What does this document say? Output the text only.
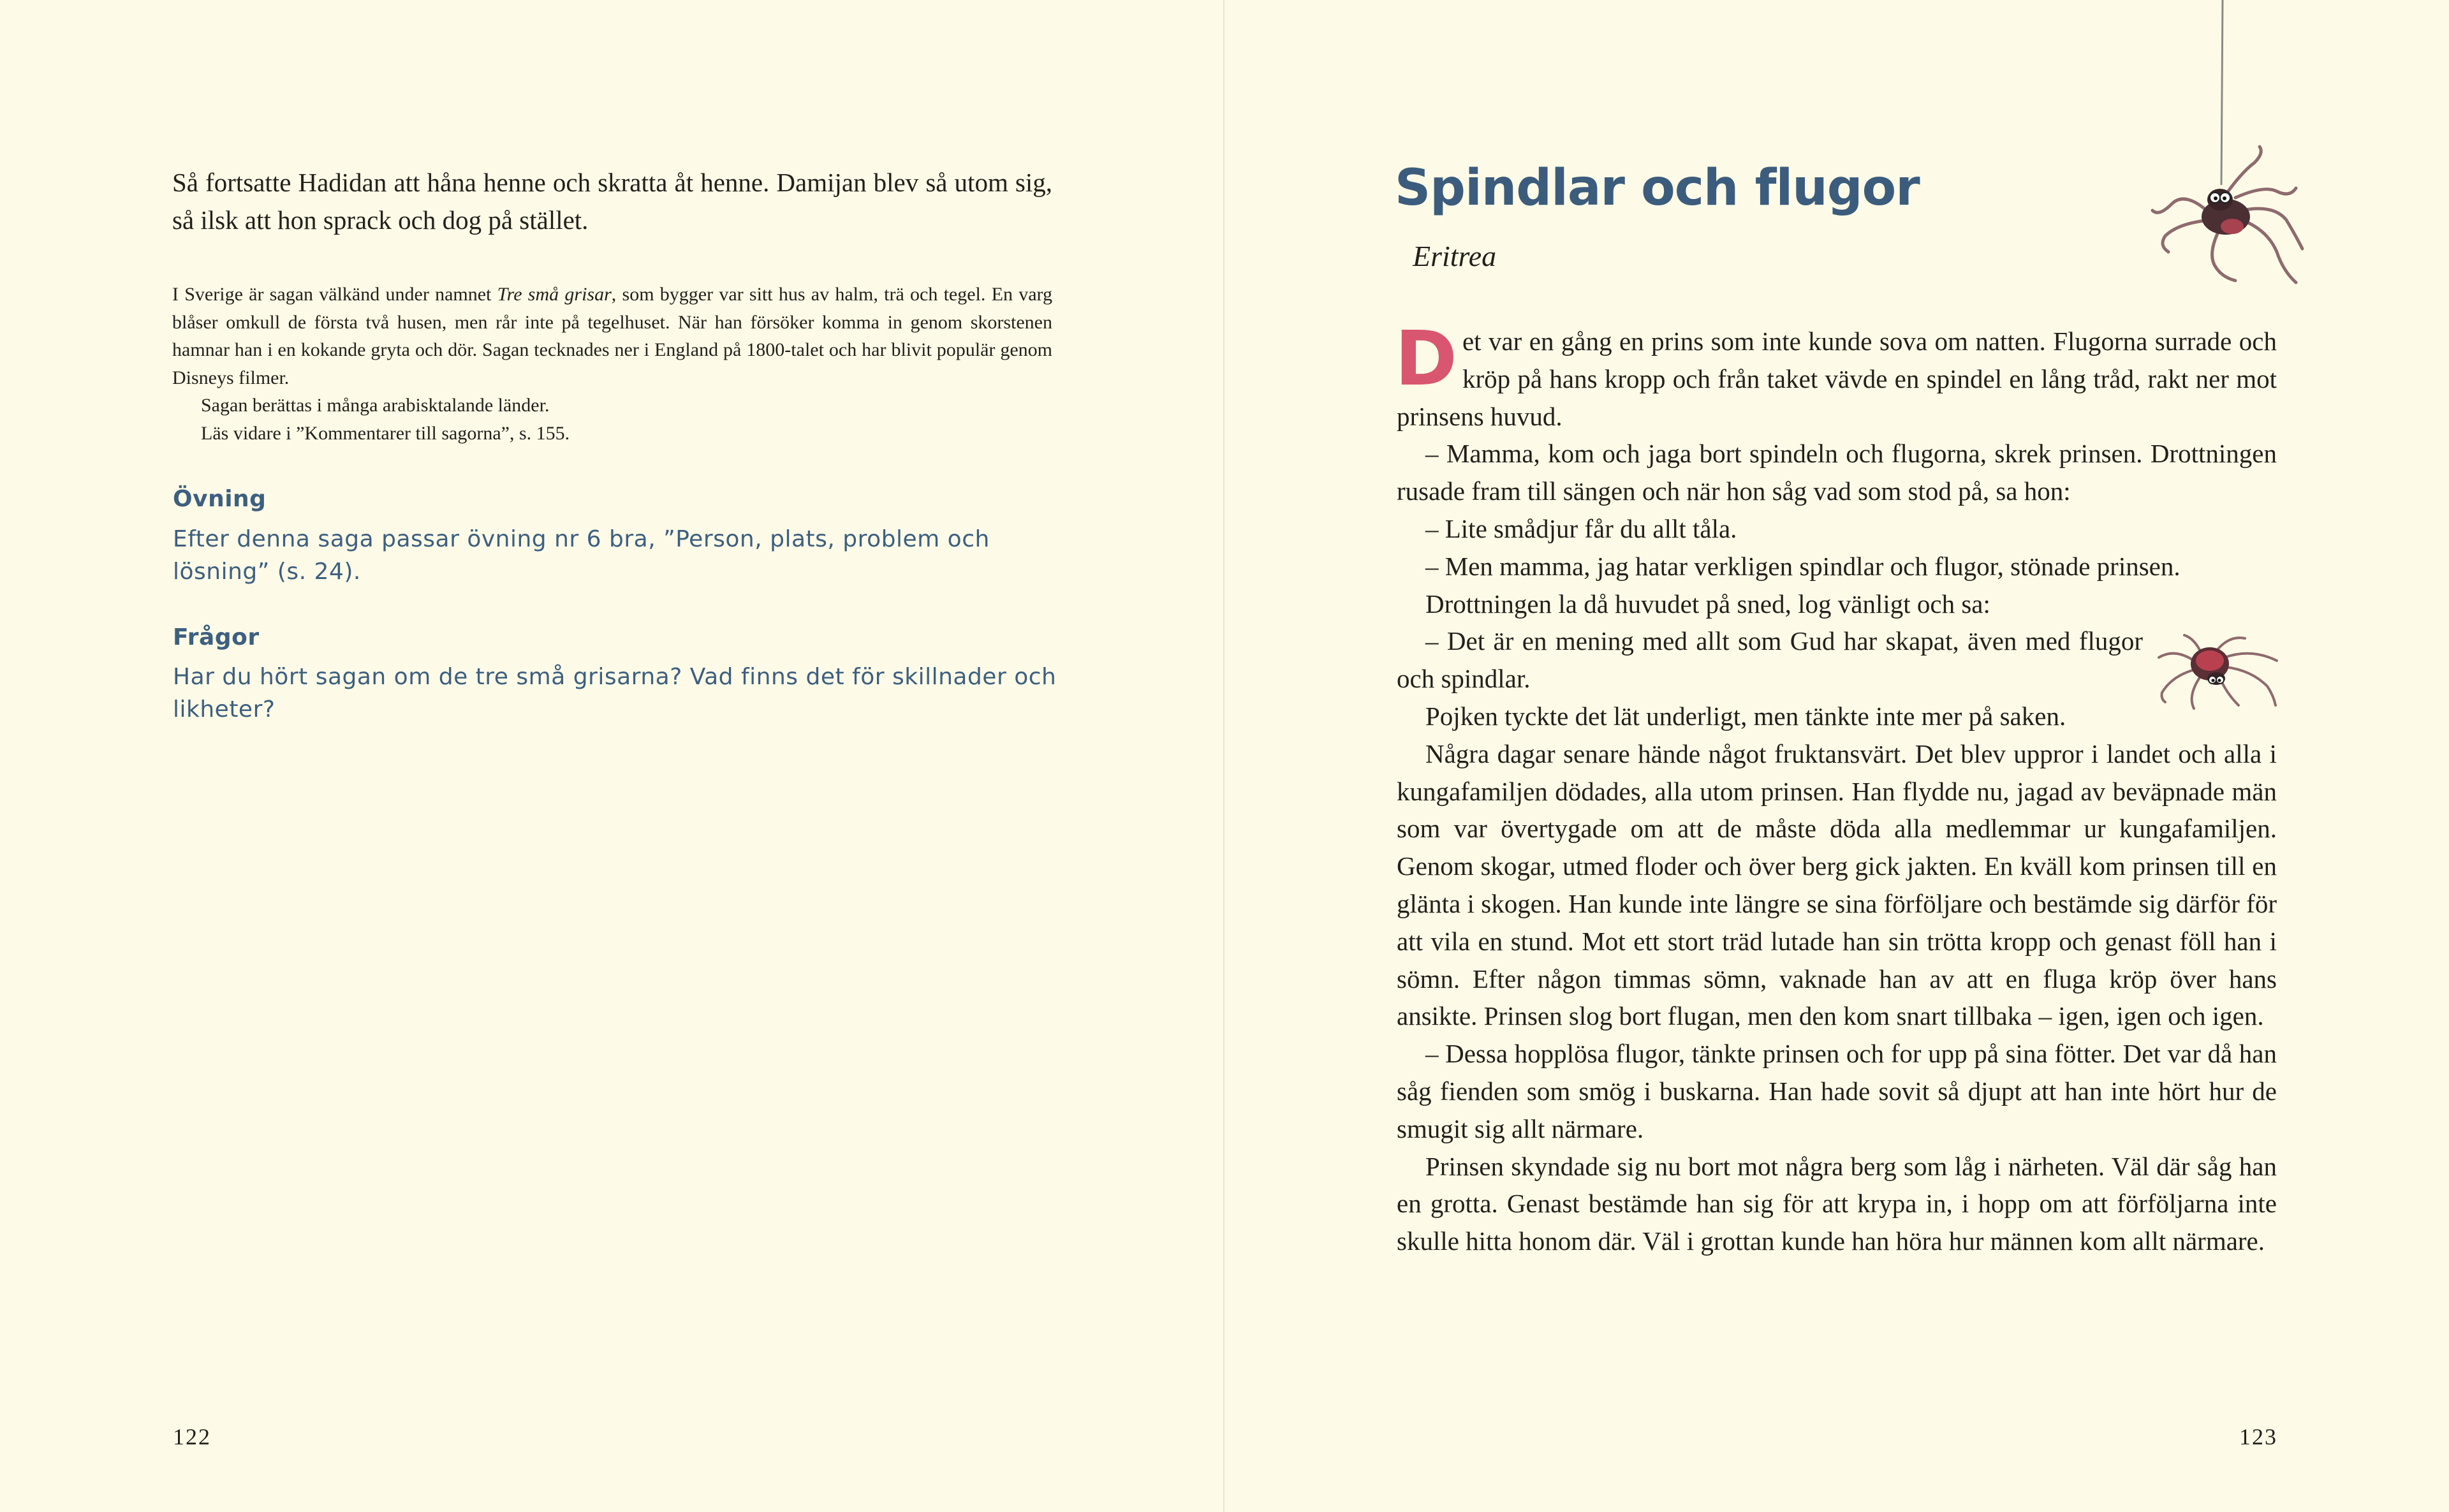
Så fortsatte Hadidan att håna henne och skratta åt henne. Damijan blev så utom sig, så ilsk att hon sprack och dog på stället.

I Sverige är sagan välkänd under namnet Tre små grisar, som bygger var sitt hus av halm, trä och tegel. En varg blåser omkull de första två husen, men rår inte på tegelhuset. När han försöker komma in genom skorstenen hamnar han i en kokande gryta och dör. Sagan tecknades ner i England på 1800-talet och har blivit populär genom Disneys filmer.

Sagan berättas i många arabisktalande länder.

Läs vidare i ”Kommentarer till sagorna”, s. 155.

Övning
Efter denna saga passar övning nr 6 bra, ”Person, plats, problem och lösning” (s. 24).
Frågor
Har du hört sagan om de tre små grisarna? Vad finns det för skillnader och likheter?
122
Spindlar och flugor
Eritrea

Det var en gång en prins som inte kunde sova om natten. Flugorna surrade och kröp på hans kropp och från taket vävde en spindel en lång tråd, rakt ner mot prinsens huvud.

– Mamma, kom och jaga bort spindeln och flugorna, skrek prinsen. Drottningen rusade fram till sängen och när hon såg vad som stod på, sa hon:

– Lite smådjur får du allt tåla.

– Men mamma, jag hatar verkligen spindlar och flugor, stönade prinsen.

Drottningen la då huvudet på sned, log vänligt och sa:

– Det är en mening med allt som Gud har skapat, även med flugor och spindlar.

Pojken tyckte det lät underligt, men tänkte inte mer på saken.

Några dagar senare hände något fruktansvärt. Det blev uppror i landet och alla i kungafamiljen dödades, alla utom prinsen. Han flydde nu, jagad av beväpnade män som var övertygade om att de måste döda alla medlemmar ur kungafamiljen. Genom skogar, utmed floder och över berg gick jakten. En kväll kom prinsen till en glänta i skogen. Han kunde inte längre se sina förföljare och bestämde sig därför för att vila en stund. Mot ett stort träd lutade han sin trötta kropp och genast föll han i sömn. Efter någon timmas sömn, vaknade han av att en fluga kröp över hans ansikte. Prinsen slog bort flugan, men den kom snart tillbaka – igen, igen och igen.

– Dessa hopplösa flugor, tänkte prinsen och for upp på sina fötter. Det var då han såg fienden som smög i buskarna. Han hade sovit så djupt att han inte hört hur de smugit sig allt närmare.

Prinsen skyndade sig nu bort mot några berg som låg i närheten. Väl där såg han en grotta. Genast bestämde han sig för att krypa in, i hopp om att förföljarna inte skulle hitta honom där. Väl i grottan kunde han höra hur männen kom allt närmare.

123
